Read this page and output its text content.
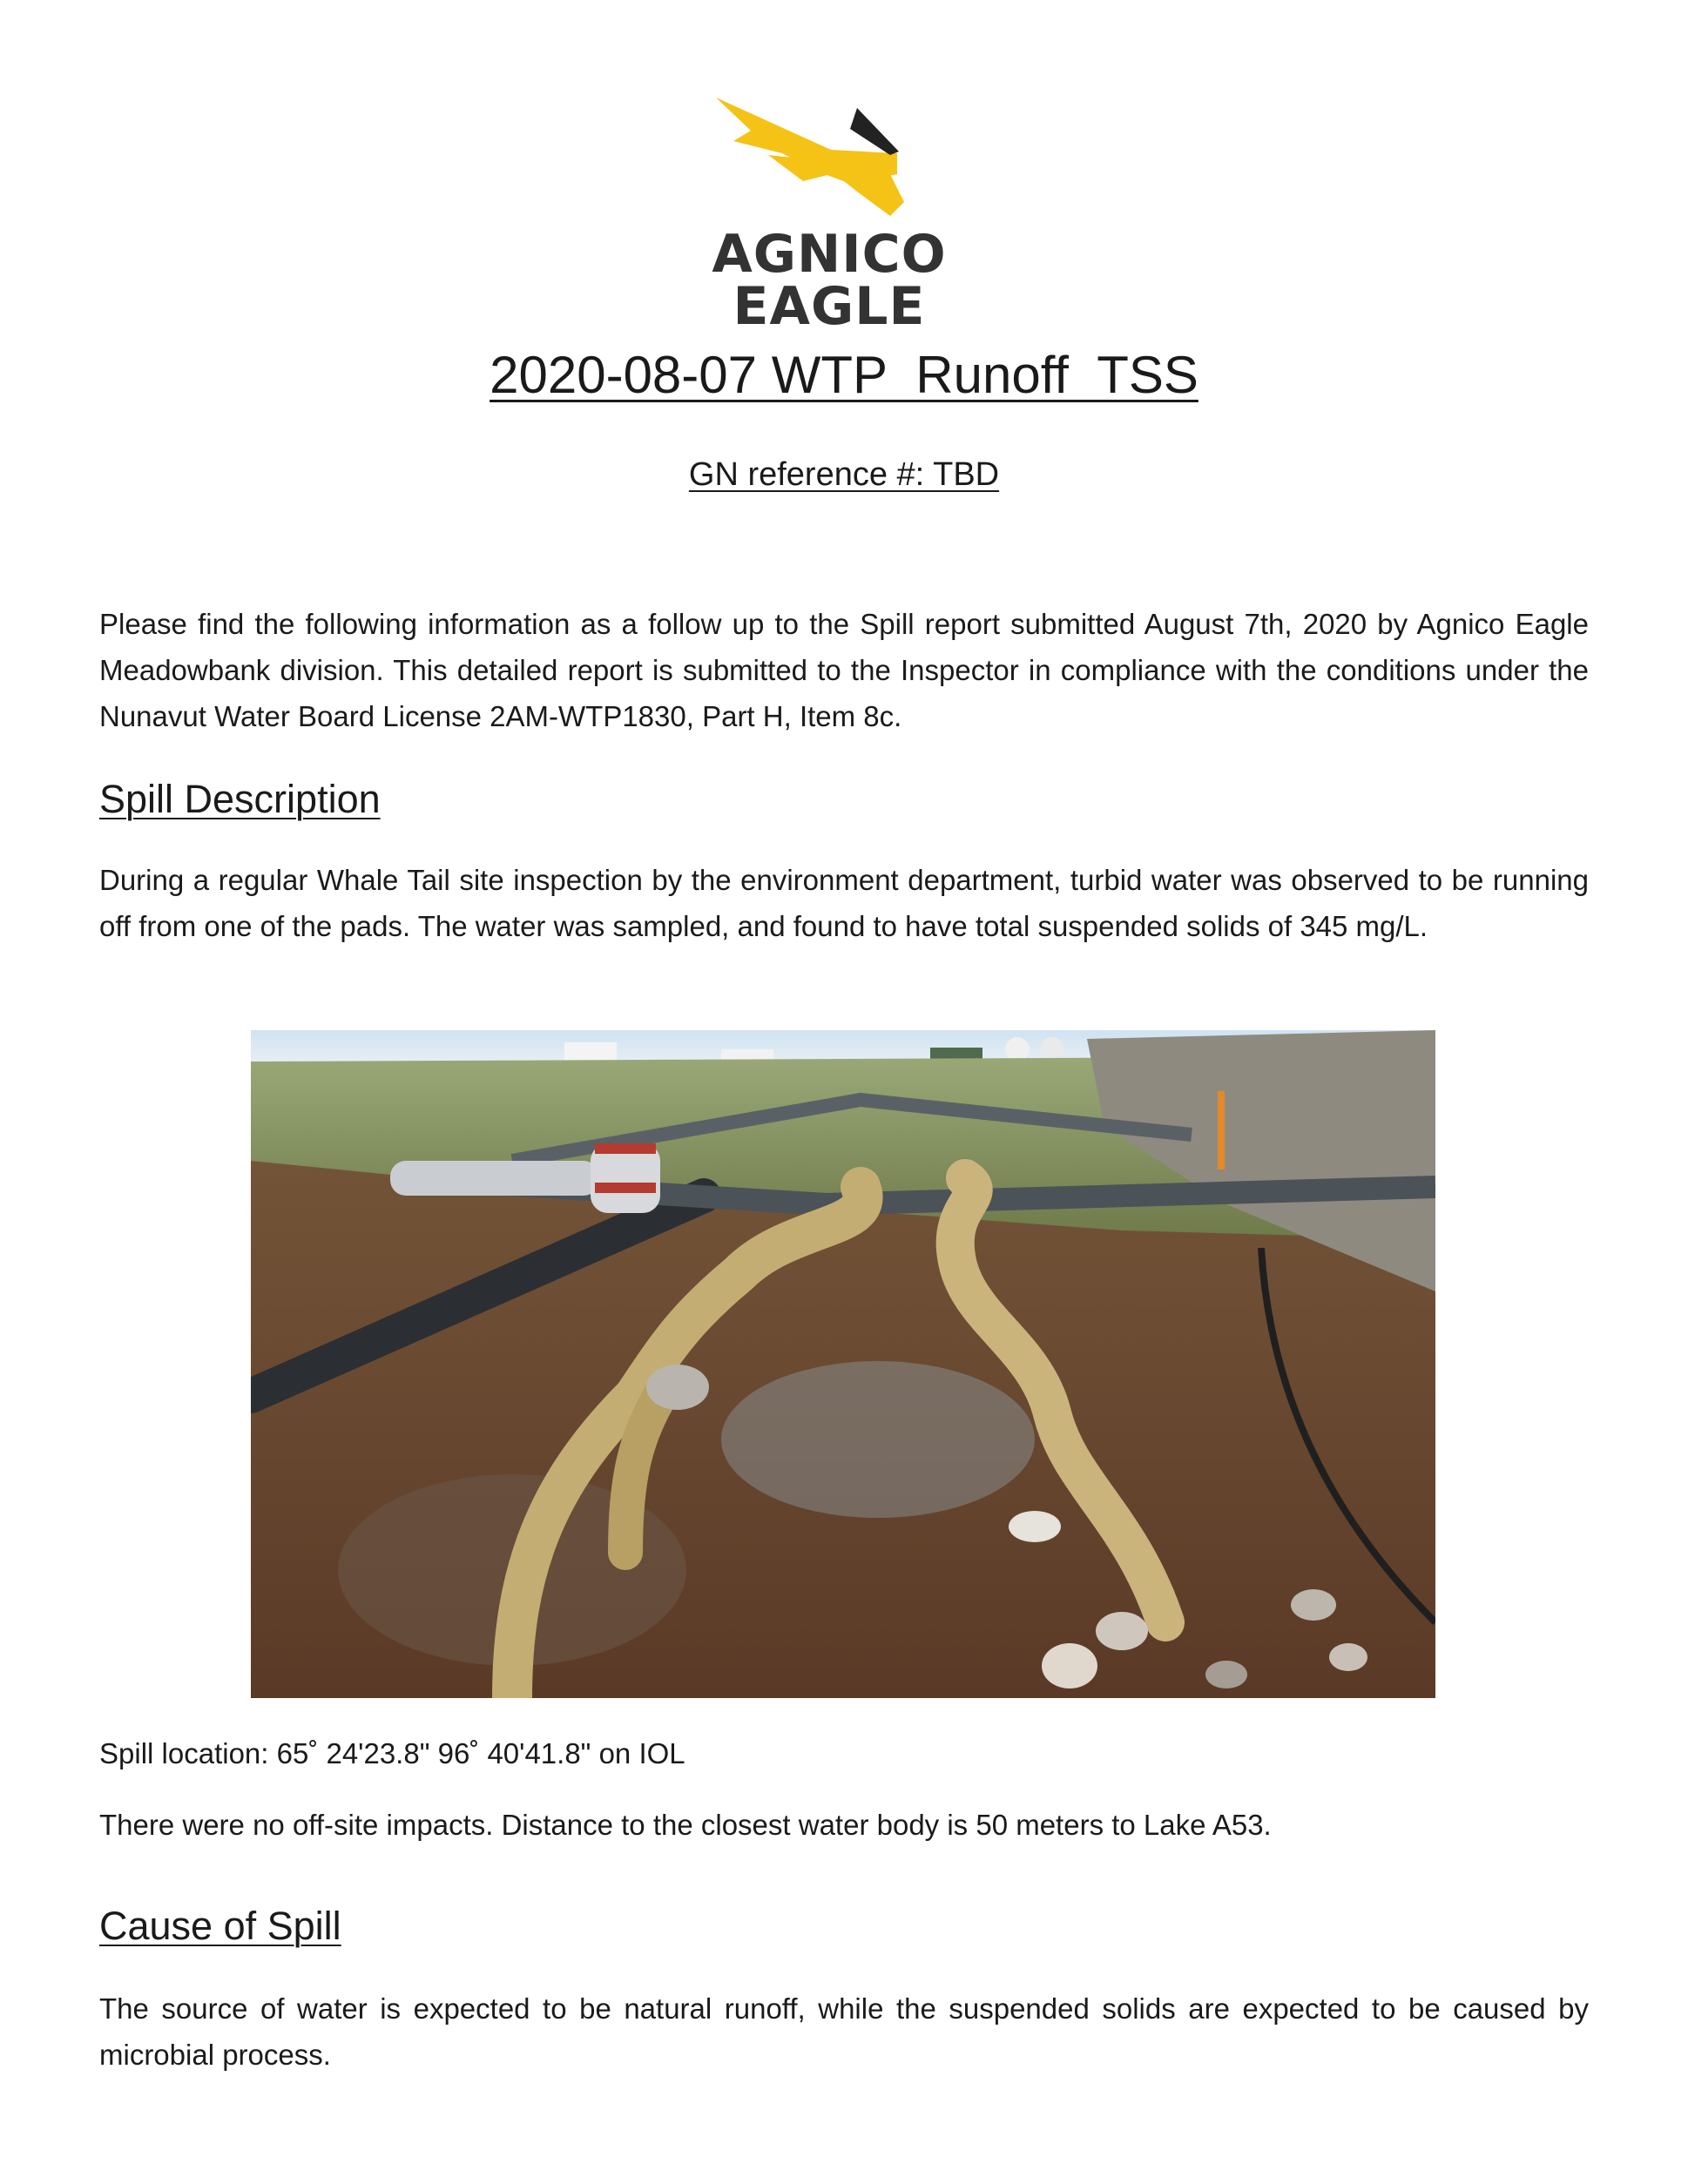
AGNICO EAGLE
2020-08-07 WTP  Runoff  TSS
GN reference #: TBD
Please find the following information as a follow up to the Spill report submitted August 7th, 2020 by Agnico Eagle Meadowbank division. This detailed report is submitted to the Inspector in compliance with the conditions under the Nunavut Water Board License 2AM-WTP1830, Part H, Item 8c.
Spill Description
During a regular Whale Tail site inspection by the environment department, turbid water was observed to be running off from one of the pads. The water was sampled, and found to have total suspended solids of 345 mg/L.
Spill location: 65˚ 24'23.8" 96˚ 40'41.8" on IOL
There were no off-site impacts. Distance to the closest water body is 50 meters to Lake A53.
Cause of Spill
The source of water is expected to be natural runoff, while the suspended solids are expected to be caused by microbial process.
